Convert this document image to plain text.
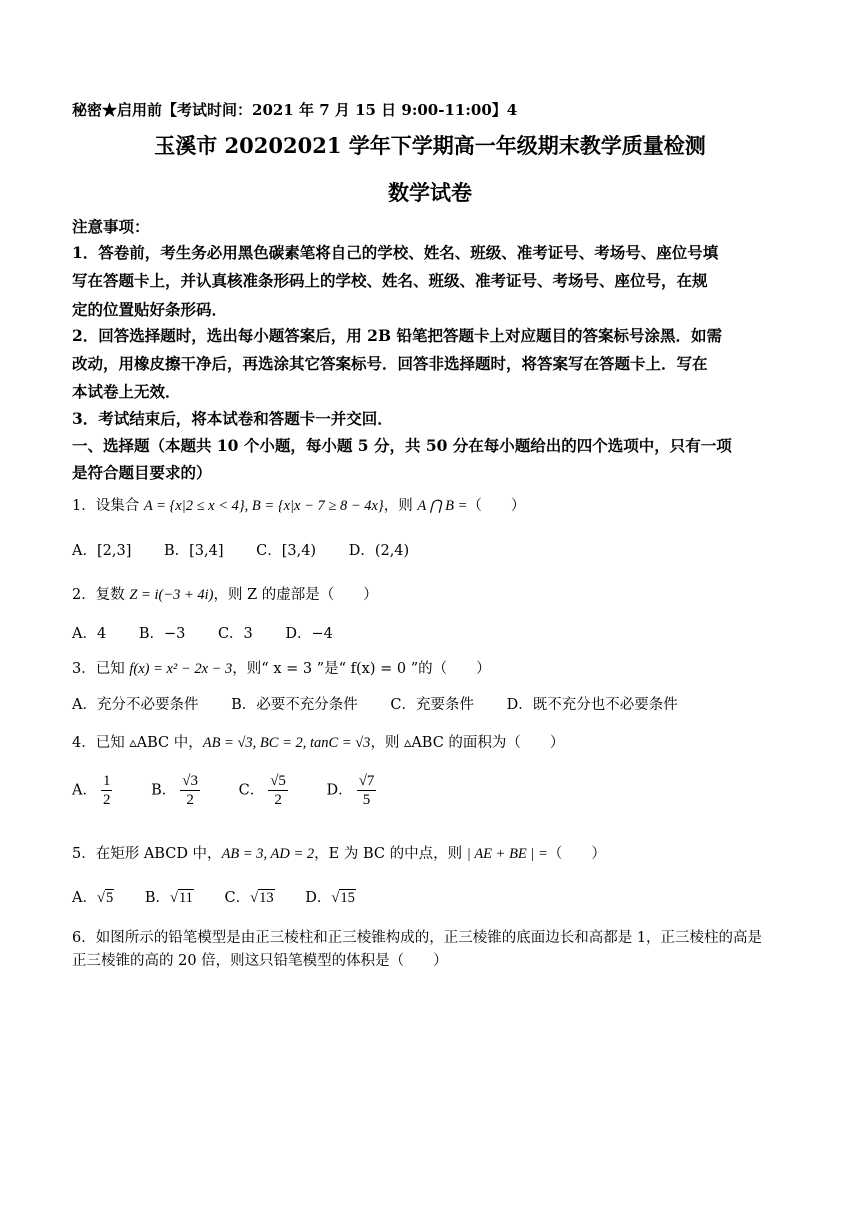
秘密★启用前【考试时间：2021 年 7 月 15 日 9:00-11:00】4
玉溪市 20202021 学年下学期高一年级期末教学质量检测
数学试卷
注意事项：
1．答卷前，考生务必用黑色碳素笔将自己的学校、姓名、班级、准考证号、考场号、座位号填
写在答题卡上，并认真核准条形码上的学校、姓名、班级、准考证号、考场号、座位号，在规
定的位置贴好条形码．
2．回答选择题时，选出每小题答案后，用 2B 铅笔把答题卡上对应题目的答案标号涂黑．如需
改动，用橡皮擦干净后，再选涂其它答案标号．回答非选择题时，将答案写在答题卡上．写在
本试卷上无效．
3．考试结束后，将本试卷和答题卡一并交回．
一、选择题（本题共 10 个小题，每小题 5 分，共 50 分在每小题给出的四个选项中，只有一项
是符合题目要求的）
1．设集合 A = {x|2 ≤ x < 4}, B = {x|x − 7 ≥ 8 − 4x}，则 A ⋂ B =（　　）
A．[2,3] B．[3,4] C．[3,4) D．(2,4)
2．复数 Z = i(−3 + 4i)，则 Z 的虚部是（　　）
A．4 B．−3 C．3 D．−4
3．已知 f(x) = x² − 2x − 3，则“ x = 3 ”是“ f(x) = 0 ”的（　　）
A．充分不必要条件 B．必要不充分条件 C．充要条件 D．既不充分也不必要条件
4．已知 ▵ABC 中，AB = √3, BC = 2, tanC = √3，则 ▵ABC 的面积为（　　）
A． $\frac{1}{2}$	B． $\frac{√3}{2}$	C． $\frac{√5}{2}$	D． $\frac{√7}{5}$
5．在矩形 ABCD 中，AB = 3, AD = 2，E 为 BC 的中点，则 | AE + BE | =（　　）
A．√5 B．√11 C．√13 D．√15
6．如图所示的铅笔模型是由正三棱柱和正三棱锥构成的，正三棱锥的底面边长和高都是 1，正三棱柱的高是
正三棱锥的高的 20 倍，则这只铅笔模型的体积是（　　）
